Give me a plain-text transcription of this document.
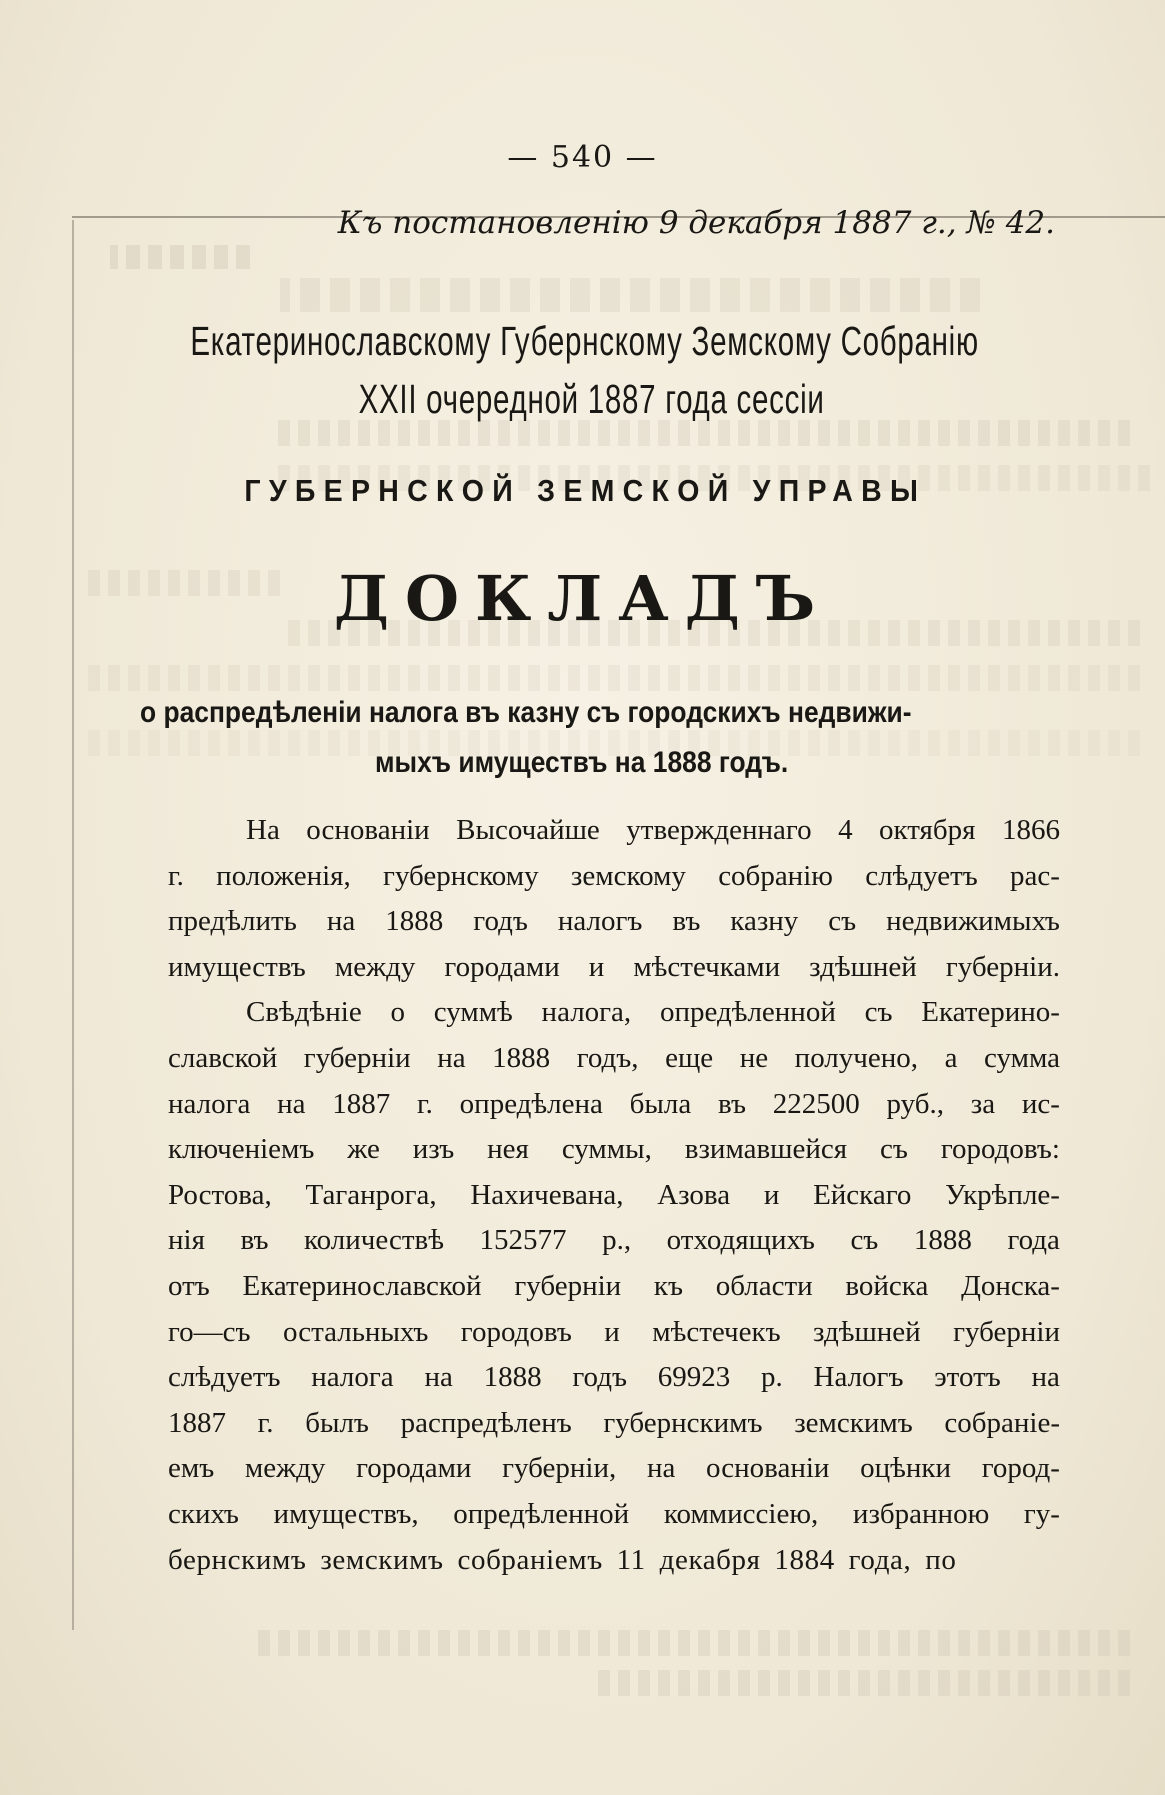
— 540 —
Къ постановленію 9 декабря 1887 г., № 42.
Екатеринославскому Губернскому Земскому Собранію
XXII очередной 1887 года сессіи
ГУБЕРНСКОЙ ЗЕМСКОЙ УПРАВЫ
ДОКЛАДЪ
о распредѣленіи налога въ казну съ городскихъ недвижи-
мыхъ имуществъ на 1888 годъ.
На основаніи Высочайше утвержденнаго 4 октября 1866
г. положенія, губернскому земскому собранію слѣдуетъ рас-
предѣлить на 1888 годъ налогъ въ казну съ недвижимыхъ
имуществъ между городами и мѣстечками здѣшней губерніи.
Свѣдѣніе о суммѣ налога, опредѣленной съ Екатерино-
славской губерніи на 1888 годъ, еще не получено, а сумма
налога на 1887 г. опредѣлена была въ 222500 руб., за ис-
ключеніемъ же изъ нея суммы, взимавшейся съ городовъ:
Ростова, Таганрога, Нахичевана, Азова и Ейскаго Укрѣпле-
нія въ количествѣ 152577 р., отходящихъ съ 1888 года
отъ Екатеринославской губерніи къ области войска Донска-
го—съ остальныхъ городовъ и мѣстечекъ здѣшней губерніи
слѣдуетъ налога на 1888 годъ 69923 р. Налогъ этотъ на
1887 г. былъ распредѣленъ губернскимъ земскимъ собраніе-
емъ между городами губерніи, на основаніи оцѣнки город-
скихъ имуществъ, опредѣленной коммиссіею, избранною гу-
бернскимъ земскимъ собраніемъ 11 декабря 1884 года, по
